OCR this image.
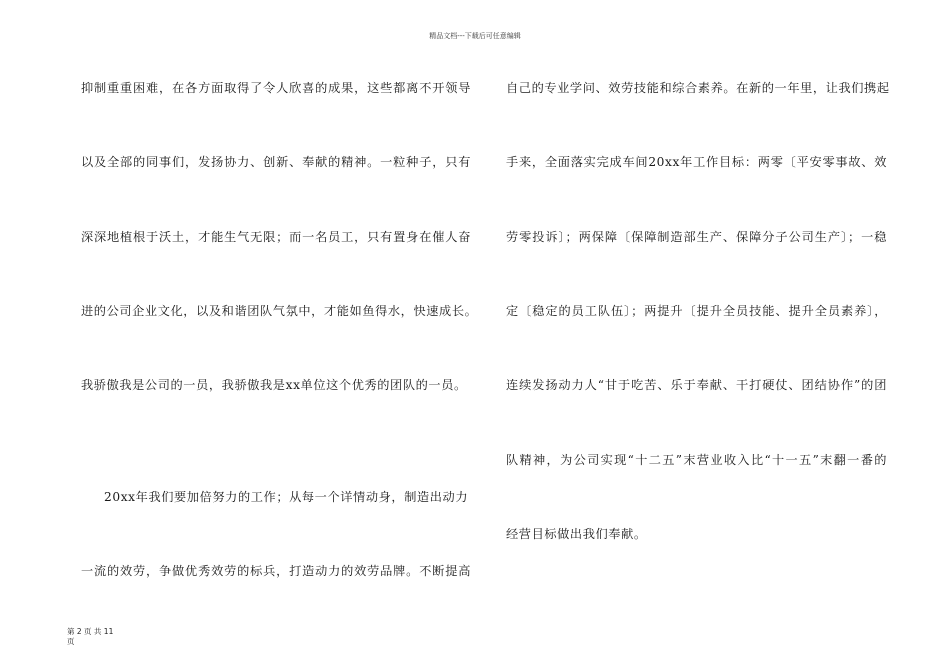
精品文档---下载后可任意编辑
抑制重重困难，在各方面取得了令人欣喜的成果，这些都离不开领导
以及全部的同事们，发扬协力、创新、奉献的精神。一粒种子，只有
深深地植根于沃土，才能生气无限；而一名员工，只有置身在催人奋
进的公司企业文化，以及和谐团队气氛中，才能如鱼得水，快速成长。
我骄傲我是公司的一员，我骄傲我是xx单位这个优秀的团队的一员。
20xx年我们要加倍努力的工作；从每一个详情动身，制造出动力
一流的效劳，争做优秀效劳的标兵，打造动力的效劳品牌。不断提高
自己的专业学问、效劳技能和综合素养。在新的一年里，让我们携起
手来，全面落实完成车间20xx年工作目标：两零〔平安零事故、效
劳零投诉〕；两保障〔保障制造部生产、保障分子公司生产〕；一稳
定〔稳定的员工队伍〕；两提升〔提升全员技能、提升全员素养〕，
连续发扬动力人“甘于吃苦、乐于奉献、干打硬仗、团结协作”的团
队精神，为公司实现“十二五”末营业收入比“十一五”末翻一番的
经营目标做出我们奉献。
第 2 页 共 11 页
